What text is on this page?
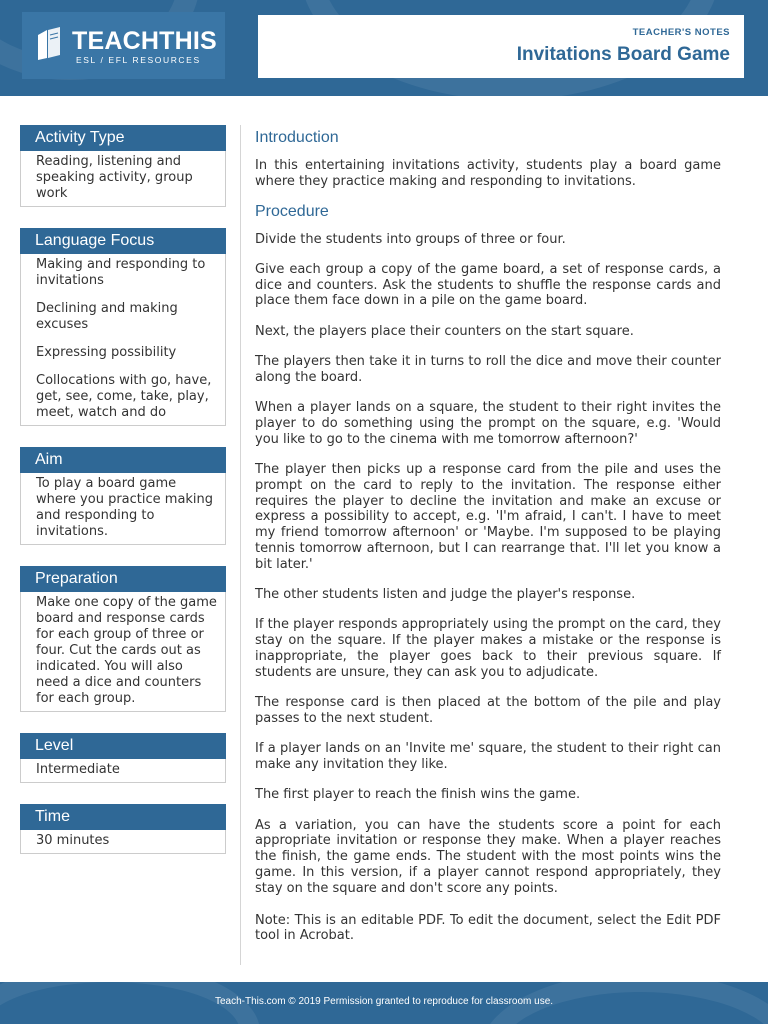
TEACHTHIS
ESL / EFL RESOURCES
TEACHER'S NOTES
Invitations Board Game
Activity Type

Reading, listening and speaking activity, group work

Language Focus

Making and responding to invitations

Declining and making excuses

Expressing possibility

Collocations with go, have, get, see, come, take, play, meet, watch and do

Aim

To play a board game where you practice making and responding to invitations.

Preparation

Make one copy of the game board and response cards for each group of three or four. Cut the cards out as indicated. You will also need a dice and counters for each group.

Level

Intermediate

Time

30 minutes

Introduction

In this entertaining invitations activity, students play a board game where they practice making and responding to invitations.

Procedure

Divide the students into groups of three or four.

Give each group a copy of the game board, a set of response cards, a dice and counters. Ask the students to shuffle the response cards and place them face down in a pile on the game board.

Next, the players place their counters on the start square.

The players then take it in turns to roll the dice and move their counter along the board.

When a player lands on a square, the student to their right invites the player to do something using the prompt on the square, e.g. 'Would you like to go to the cinema with me tomorrow afternoon?'

The player then picks up a response card from the pile and uses the prompt on the card to reply to the invitation. The response either requires the player to decline the invitation and make an excuse or express a possibility to accept, e.g. 'I'm afraid, I can't. I have to meet my friend tomorrow afternoon' or 'Maybe. I'm supposed to be playing tennis tomorrow afternoon, but I can rearrange that. I'll let you know a bit later.'

The other students listen and judge the player's response.

If the player responds appropriately using the prompt on the card, they stay on the square. If the player makes a mistake or the response is inappropriate, the player goes back to their previous square. If students are unsure, they can ask you to adjudicate.

The response card is then placed at the bottom of the pile and play passes to the next student.

If a player lands on an 'Invite me' square, the student to their right can make any invitation they like.

The first player to reach the finish wins the game.

As a variation, you can have the students score a point for each appropriate invitation or response they make. When a player reaches the finish, the game ends. The student with the most points wins the game. In this version, if a player cannot respond appropriately, they stay on the square and don't score any points.

Note: This is an editable PDF. To edit the document, select the Edit PDF tool in Acrobat.

Teach-This.com © 2019 Permission granted to reproduce for classroom use.
